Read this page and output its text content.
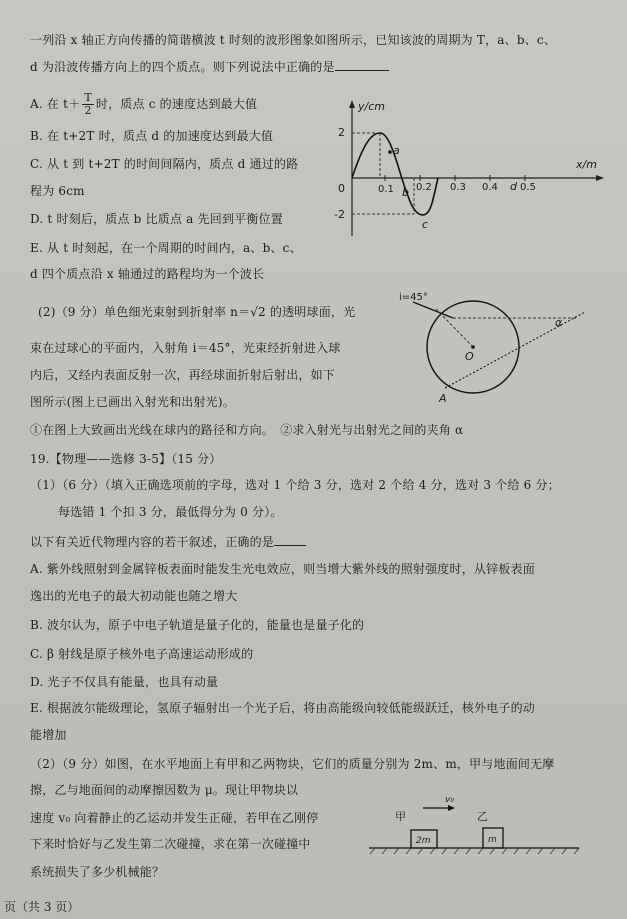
一列沿 x 轴正方向传播的简谐横波 t 时刻的波形图象如图所示，已知该波的周期为 T，a、b、c、
d 为沿波传播方向上的四个质点。则下列说法中正确的是
A. 在 $t+ \frac{T}{2}$ 时，质点 c 的速度达到最大值
B. 在 t+2T 时，质点 d 的加速度达到最大值
C. 从 t 到 t+2T 的时间间隔内，质点 d 通过的路
程为 6cm
D. t 时刻后，质点 b 比质点 a 先回到平衡位置
E. 从 t 时刻起，在一个周期的时间内，a、b、c、
d 四个质点沿 x 轴通过的路程均为一个波长
y/cm
x/m
2
-2
0	0.1 0.2 0.3 0.4 0.5
a
b
c
d
(2)（9 分）单色细光束射到折射率 n＝√2 的透明球面，光
束在过球心的平面内，入射角 i＝45°，光束经折射进入球
内后，又经内表面反射一次，再经球面折射后射出，如下
图所示(图上已画出入射光和出射光)。
①在图上大致画出光线在球内的路径和方向。　②求入射光与出射光之间的夹角 α
i=45°
O
A
α
19.【物理——选修 3-5】（15 分）
（1）（6 分）（填入正确选项前的字母，选对 1 个给 3 分，选对 2 个给 4 分，选对 3 个给 6 分；
每选错 1 个扣 3 分，最低得分为 0 分）。
以下有关近代物理内容的若干叙述，正确的是
A. 紫外线照射到金属锌板表面时能发生光电效应，则当增大紫外线的照射强度时，从锌板表面
逸出的光电子的最大初动能也随之增大
B. 波尔认为，原子中电子轨道是量子化的，能量也是量子化的
C. β 射线是原子核外电子高速运动形成的
D. 光子不仅具有能量，也具有动量
E. 根据波尔能级理论，氢原子辐射出一个光子后，将由高能级向较低能级跃迁，核外电子的动
能增加
（2）（9 分）如图，在水平地面上有甲和乙两物块，它们的质量分别为 2m、m，甲与地面间无摩
擦，乙与地面间的动摩擦因数为 μ。现让甲物块以
速度 v₀ 向着静止的乙运动并发生正碰，若甲在乙刚停
下来时恰好与乙发生第二次碰撞，求在第一次碰撞中
系统损失了多少机械能？
v₀
甲	乙
2m	m
页（共 3 页）
